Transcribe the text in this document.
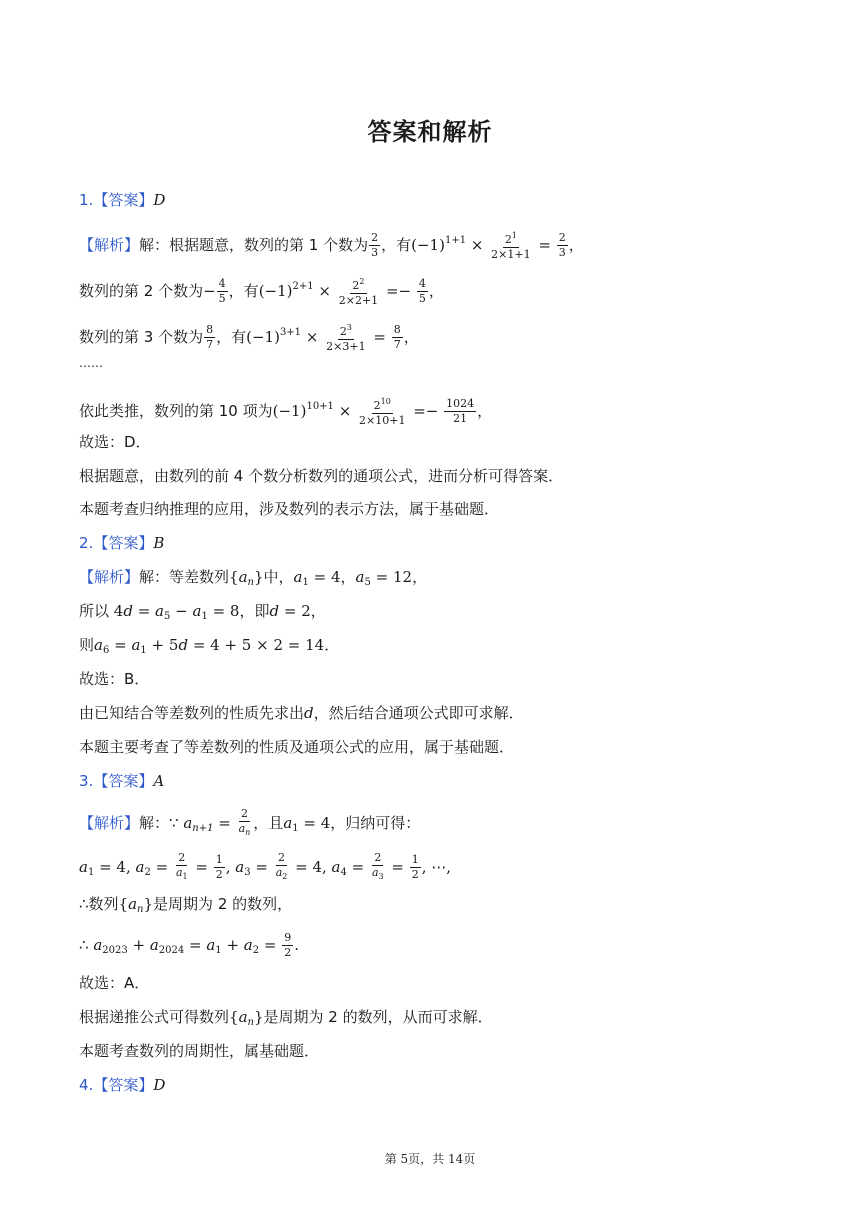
答案和解析
1.【答案】D
【解析】解：根据题意，数列的第 1 个数为 $\frac{2}{3}$ ，有$(-1)^{1+1} \times \frac{2^1}{2\times 1+1} = \frac{2}{3}$ ，
数列的第 2 个数为− $\frac{4}{5}$ ，有$(-1)^{2+1} \times \frac{2^2}{2\times 2+1} =- \frac{4}{5}$ ，
数列的第 3 个数为 $\frac{8}{7}$ ，有$(-1)^{3+1} \times \frac{2^3}{2\times 3+1} = \frac{8}{7}$ ，
……
依此类推，数列的第 10 项为$(-1)^{10+1} \times \frac{2^{10}}{2\times 10+1} =- \frac{1024}{21}$ ，
故选：D．
根据题意，由数列的前 4 个数分析数列的通项公式，进而分析可得答案．
本题考查归纳推理的应用，涉及数列的表示方法，属于基础题．
2.【答案】B
【解析】解：等差数列$\{a_n\}$中，$a_1 = 4$，$a_5 = 12$，
所以 $4d = a_5 - a_1 = 8$，即d = 2，
则$a_6 = a_1 + 5d = 4 + 5 \times 2 = 14$．
故选：B．
由已知结合等差数列的性质先求出d，然后结合通项公式即可求解．
本题主要考查了等差数列的性质及通项公式的应用，属于基础题．
3.【答案】A
【解析】解：∵ $a_{n+1} = \frac{2}{a_n}$ ，且$a_1 = 4$，归纳可得：
$a_1 = 4$, $a_2 = \frac{2}{a_1} = \frac{1}{2}$ , $a_3 = \frac{2}{a_2} = 4$, $a_4 = \frac{2}{a_3} = \frac{1}{2}$ , ⋯,
∴数列$\{a_n\}$是周期为 2 的数列，
∴ $a_{2023} + a_{2024} = a_1 + a_2 = \frac{9}{2}$ .
故选：A．
根据递推公式可得数列$\{a_n\}$是周期为 2 的数列，从而可求解．
本题考查数列的周期性，属基础题．
4.【答案】D
第 5页，共 14页
